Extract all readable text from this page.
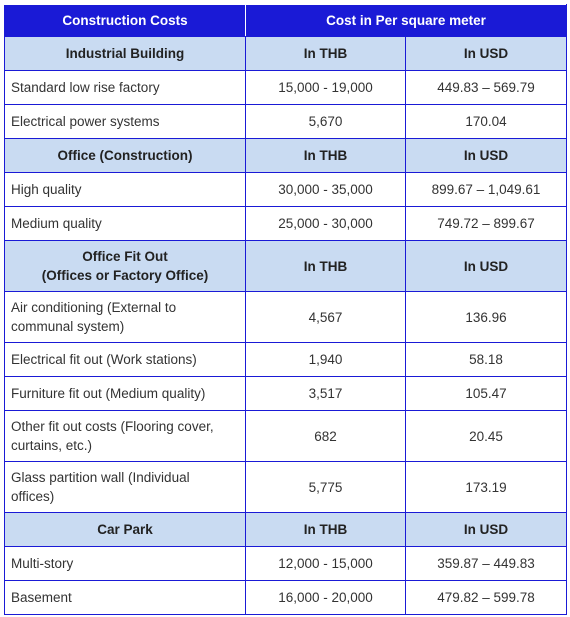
Construction Costs	Cost in Per square meter	
Industrial Building	In THB	In USD
Standard low rise factory	15,000 - 19,000	449.83 – 569.79
Electrical power systems	5,670	170.04
Office (Construction)	In THB	In USD
High quality	30,000 - 35,000	899.67 – 1,049.61
Medium quality	25,000 - 30,000	749.72 – 899.67
Office Fit Out
(Offices or Factory Office)	In THB	In USD
Air conditioning (External to
communal system)	4,567	136.96
Electrical fit out (Work stations)	1,940	58.18
Furniture fit out (Medium quality)	3,517	105.47
Other fit out costs (Flooring cover,
curtains, etc.)	682	20.45
Glass partition wall (Individual
offices)	5,775	173.19
Car Park	In THB	In USD
Multi-story	12,000 - 15,000	359.87 – 449.83
Basement	16,000 - 20,000	479.82 – 599.78
